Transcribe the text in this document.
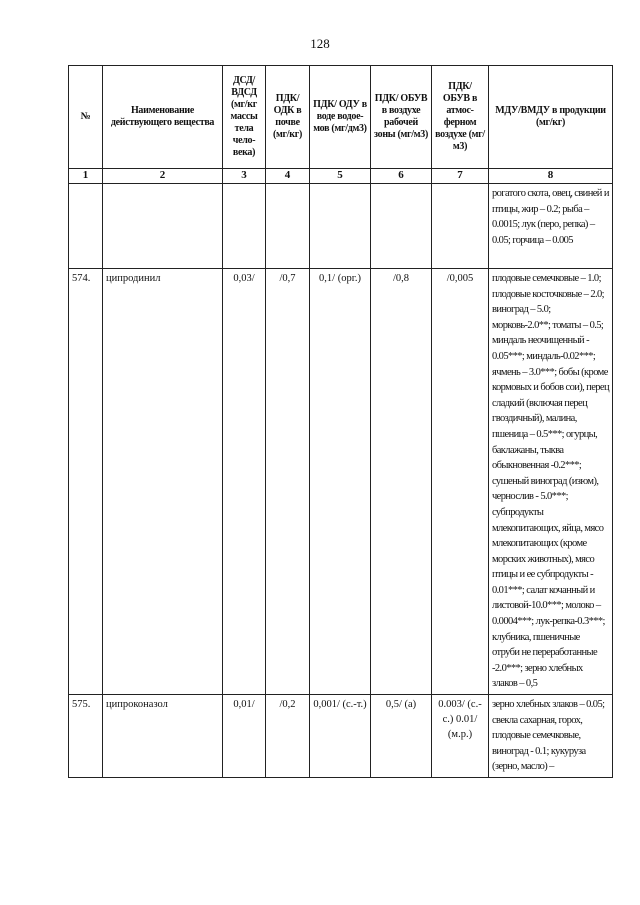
128
№	Наименование действующего вещества	ДСД/ ВДСД (мг/кг массы тела чело-века)	ПДК/ ОДК в почве (мг/кг)	ПДК/ ОДУ в воде водое-мов (мг/дм3)	ПДК/ ОБУВ в воздухе рабочей зоны (мг/м3)	ПДК/ ОБУВ в атмос-ферном воздухе (мг/м3)	МДУ/ВМДУ в продукции (мг/кг)
1	2	3	4	5	6	7	8
							рогатого скота, овец, свиней и птицы, жир – 0.2; рыба – 0.0015; лук (перо, репка) – 0.05; горчица – 0.005
574.	ципродинил	0,03/	/0,7	0,1/ (орг.)	/0,8	/0,005	плодовые семечковые – 1.0; плодовые косточковые – 2.0; виноград – 5.0; морковь-2.0**; томаты – 0.5; миндаль неочищенный - 0.05***; миндаль-0.02***; ячмень – 3.0***; бобы (кроме кормовых и бобов сои), перец сладкий (включая перец гвоздичный), малина, пшеница – 0.5***; огурцы, баклажаны, тыква обыкновенная -0.2***; сушеный виноград (изюм), чернослив - 5.0***; субпродукты млекопитающих, яйца, мясо млекопитающих (кроме морских животных), мясо птицы и ее субпродукты - 0.01***; салат кочанный и листовой-10.0***; молоко – 0.0004***; лук-репка-0.3***; клубника, пшеничные отруби не переработанные -2.0***; зерно хлебных злаков – 0,5
575.	ципроконазол	0,01/	/0,2	0,001/ (с.-т.)	0,5/ (а)	0.003/ (с.-с.) 0.01/ (м.р.)	зерно хлебных злаков – 0.05; свекла сахарная, горох, плодовые семечковые, виноград - 0.1; кукуруза (зерно, масло) –
